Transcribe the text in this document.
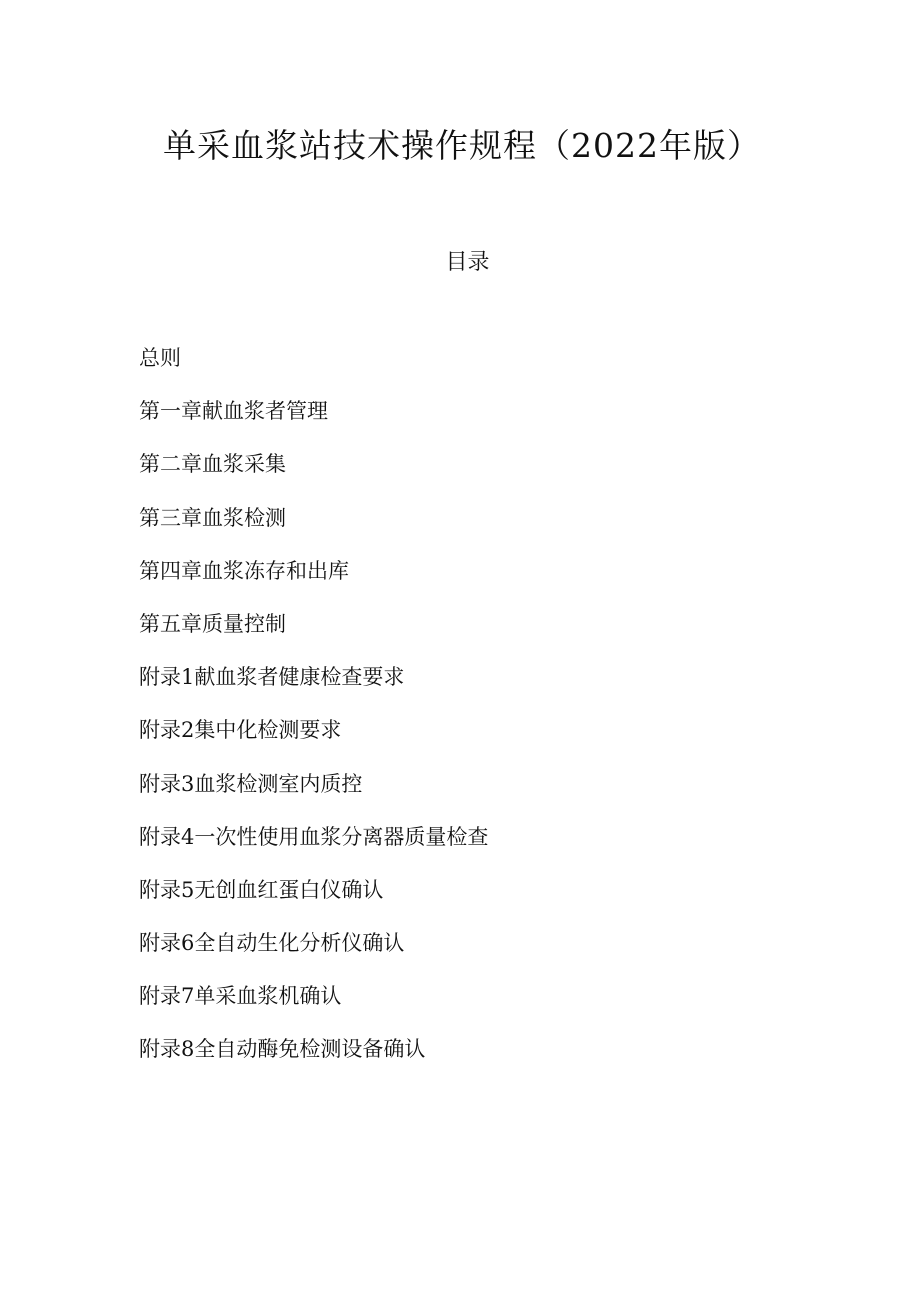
单采血浆站技术操作规程（2022年版）
目录
总则
第一章献血浆者管理
第二章血浆采集
第三章血浆检测
第四章血浆冻存和出库
第五章质量控制
附录1献血浆者健康检查要求
附录2集中化检测要求
附录3血浆检测室内质控
附录4一次性使用血浆分离器质量检查
附录5无创血红蛋白仪确认
附录6全自动生化分析仪确认
附录7单采血浆机确认
附录8全自动酶免检测设备确认
